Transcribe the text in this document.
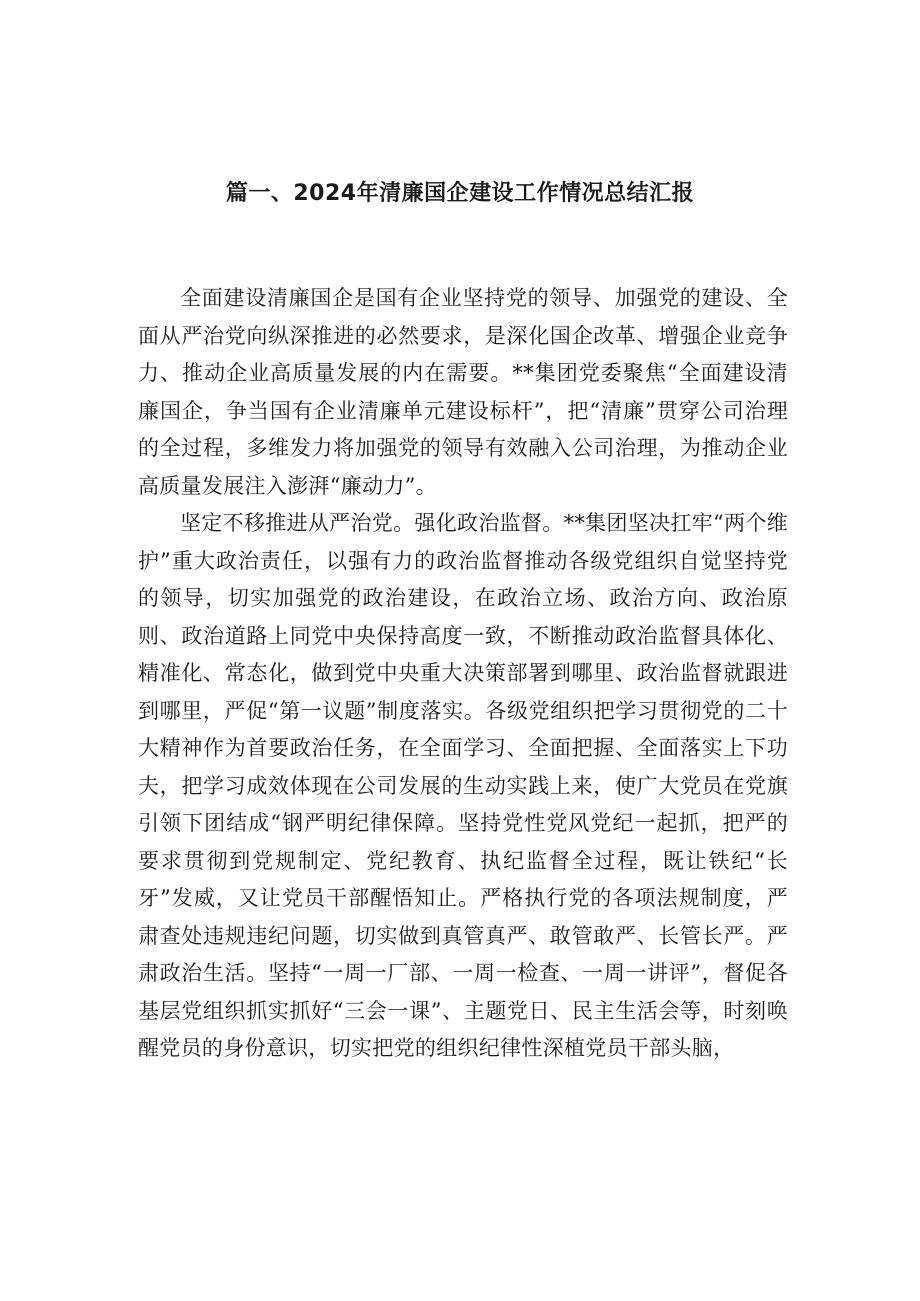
篇一、2024年清廉国企建设工作情况总结汇报

全面建设清廉国企是国有企业坚持党的领导、加强党的建设、全面从严治党向纵深推进的必然要求，是深化国企改革、增强企业竞争力、推动企业高质量发展的内在需要。**集团党委聚焦“全面建设清廉国企，争当国有企业清廉单元建设标杆”，把“清廉”贯穿公司治理的全过程，多维发力将加强党的领导有效融入公司治理，为推动企业高质量发展注入澎湃“廉动力”。

坚定不移推进从严治党。强化政治监督。**集团坚决扛牢“两个维护”重大政治责任，以强有力的政治监督推动各级党组织自觉坚持党的领导，切实加强党的政治建设，在政治立场、政治方向、政治原则、政治道路上同党中央保持高度一致，不断推动政治监督具体化、精准化、常态化，做到党中央重大决策部署到哪里、政治监督就跟进到哪里，严促“第一议题”制度落实。各级党组织把学习贯彻党的二十大精神作为首要政治任务，在全面学习、全面把握、全面落实上下功夫，把学习成效体现在公司发展的生动实践上来，使广大党员在党旗引领下团结成“钢严明纪律保障。坚持党性党风党纪一起抓，把严的要求贯彻到党规制定、党纪教育、执纪监督全过程，既让铁纪“长牙”发威，又让党员干部醒悟知止。严格执行党的各项法规制度，严肃查处违规违纪问题，切实做到真管真严、敢管敢严、长管长严。严肃政治生活。坚持“一周一厂部、一周一检查、一周一讲评”，督促各基层党组织抓实抓好“三会一课”、主题党日、民主生活会等，时刻唤醒党员的身份意识，切实把党的组织纪律性深植党员干部头脑，
